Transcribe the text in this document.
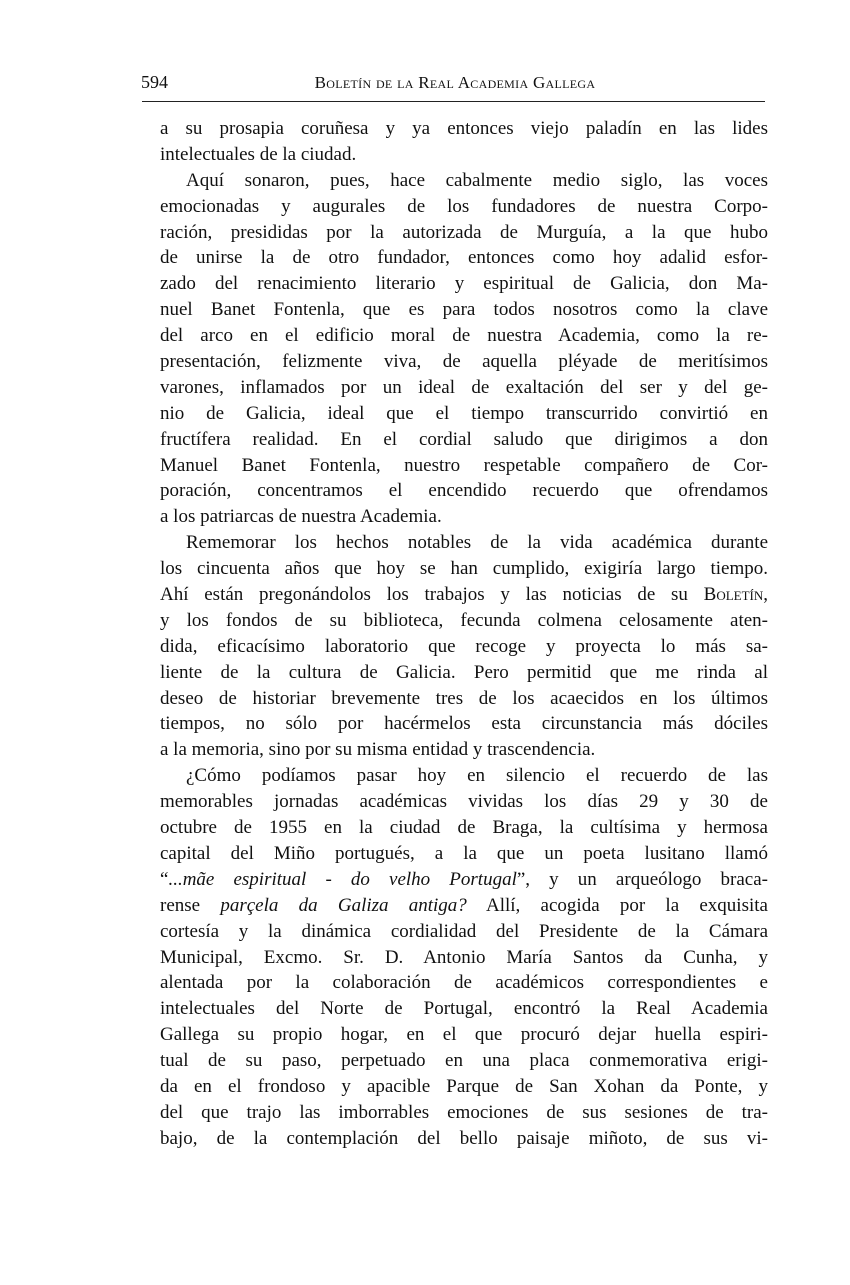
594	Boletín de la Real Academia Gallega
a su prosapia coruñesa y ya entonces viejo paladín en las lides
intelectuales de la ciudad.
Aquí sonaron, pues, hace cabalmente medio siglo, las voces
emocionadas y augurales de los fundadores de nuestra Corpo-
ración, presididas por la autorizada de Murguía, a la que hubo
de unirse la de otro fundador, entonces como hoy adalid esfor-
zado del renacimiento literario y espiritual de Galicia, don Ma-
nuel Banet Fontenla, que es para todos nosotros como la clave
del arco en el edificio moral de nuestra Academia, como la re-
presentación, felizmente viva, de aquella pléyade de meritísimos
varones, inflamados por un ideal de exaltación del ser y del ge-
nio de Galicia, ideal que el tiempo transcurrido convirtió en
fructífera realidad. En el cordial saludo que dirigimos a don
Manuel Banet Fontenla, nuestro respetable compañero de Cor-
poración, concentramos el encendido recuerdo que ofrendamos
a los patriarcas de nuestra Academia.
Rememorar los hechos notables de la vida académica durante
los cincuenta años que hoy se han cumplido, exigiría largo tiempo.
Ahí están pregonándolos los trabajos y las noticias de su Boletín,
y los fondos de su biblioteca, fecunda colmena celosamente aten-
dida, eficacísimo laboratorio que recoge y proyecta lo más sa-
liente de la cultura de Galicia. Pero permitid que me rinda al
deseo de historiar brevemente tres de los acaecidos en los últimos
tiempos, no sólo por hacérmelos esta circunstancia más dóciles
a la memoria, sino por su misma entidad y trascendencia.
¿Cómo podíamos pasar hoy en silencio el recuerdo de las
memorables jornadas académicas vividas los días 29 y 30 de
octubre de 1955 en la ciudad de Braga, la cultísima y hermosa
capital del Miño portugués, a la que un poeta lusitano llamó
“...mãe espiritual - do velho Portugal”, y un arqueólogo braca-
rense parçela da Galiza antiga? Allí, acogida por la exquisita
cortesía y la dinámica cordialidad del Presidente de la Cámara
Municipal, Excmo. Sr. D. Antonio María Santos da Cunha, y
alentada por la colaboración de académicos correspondientes e
intelectuales del Norte de Portugal, encontró la Real Academia
Gallega su propio hogar, en el que procuró dejar huella espiri-
tual de su paso, perpetuado en una placa conmemorativa erigi-
da en el frondoso y apacible Parque de San Xohan da Ponte, y
del que trajo las imborrables emociones de sus sesiones de tra-
bajo, de la contemplación del bello paisaje miñoto, de sus vi-
